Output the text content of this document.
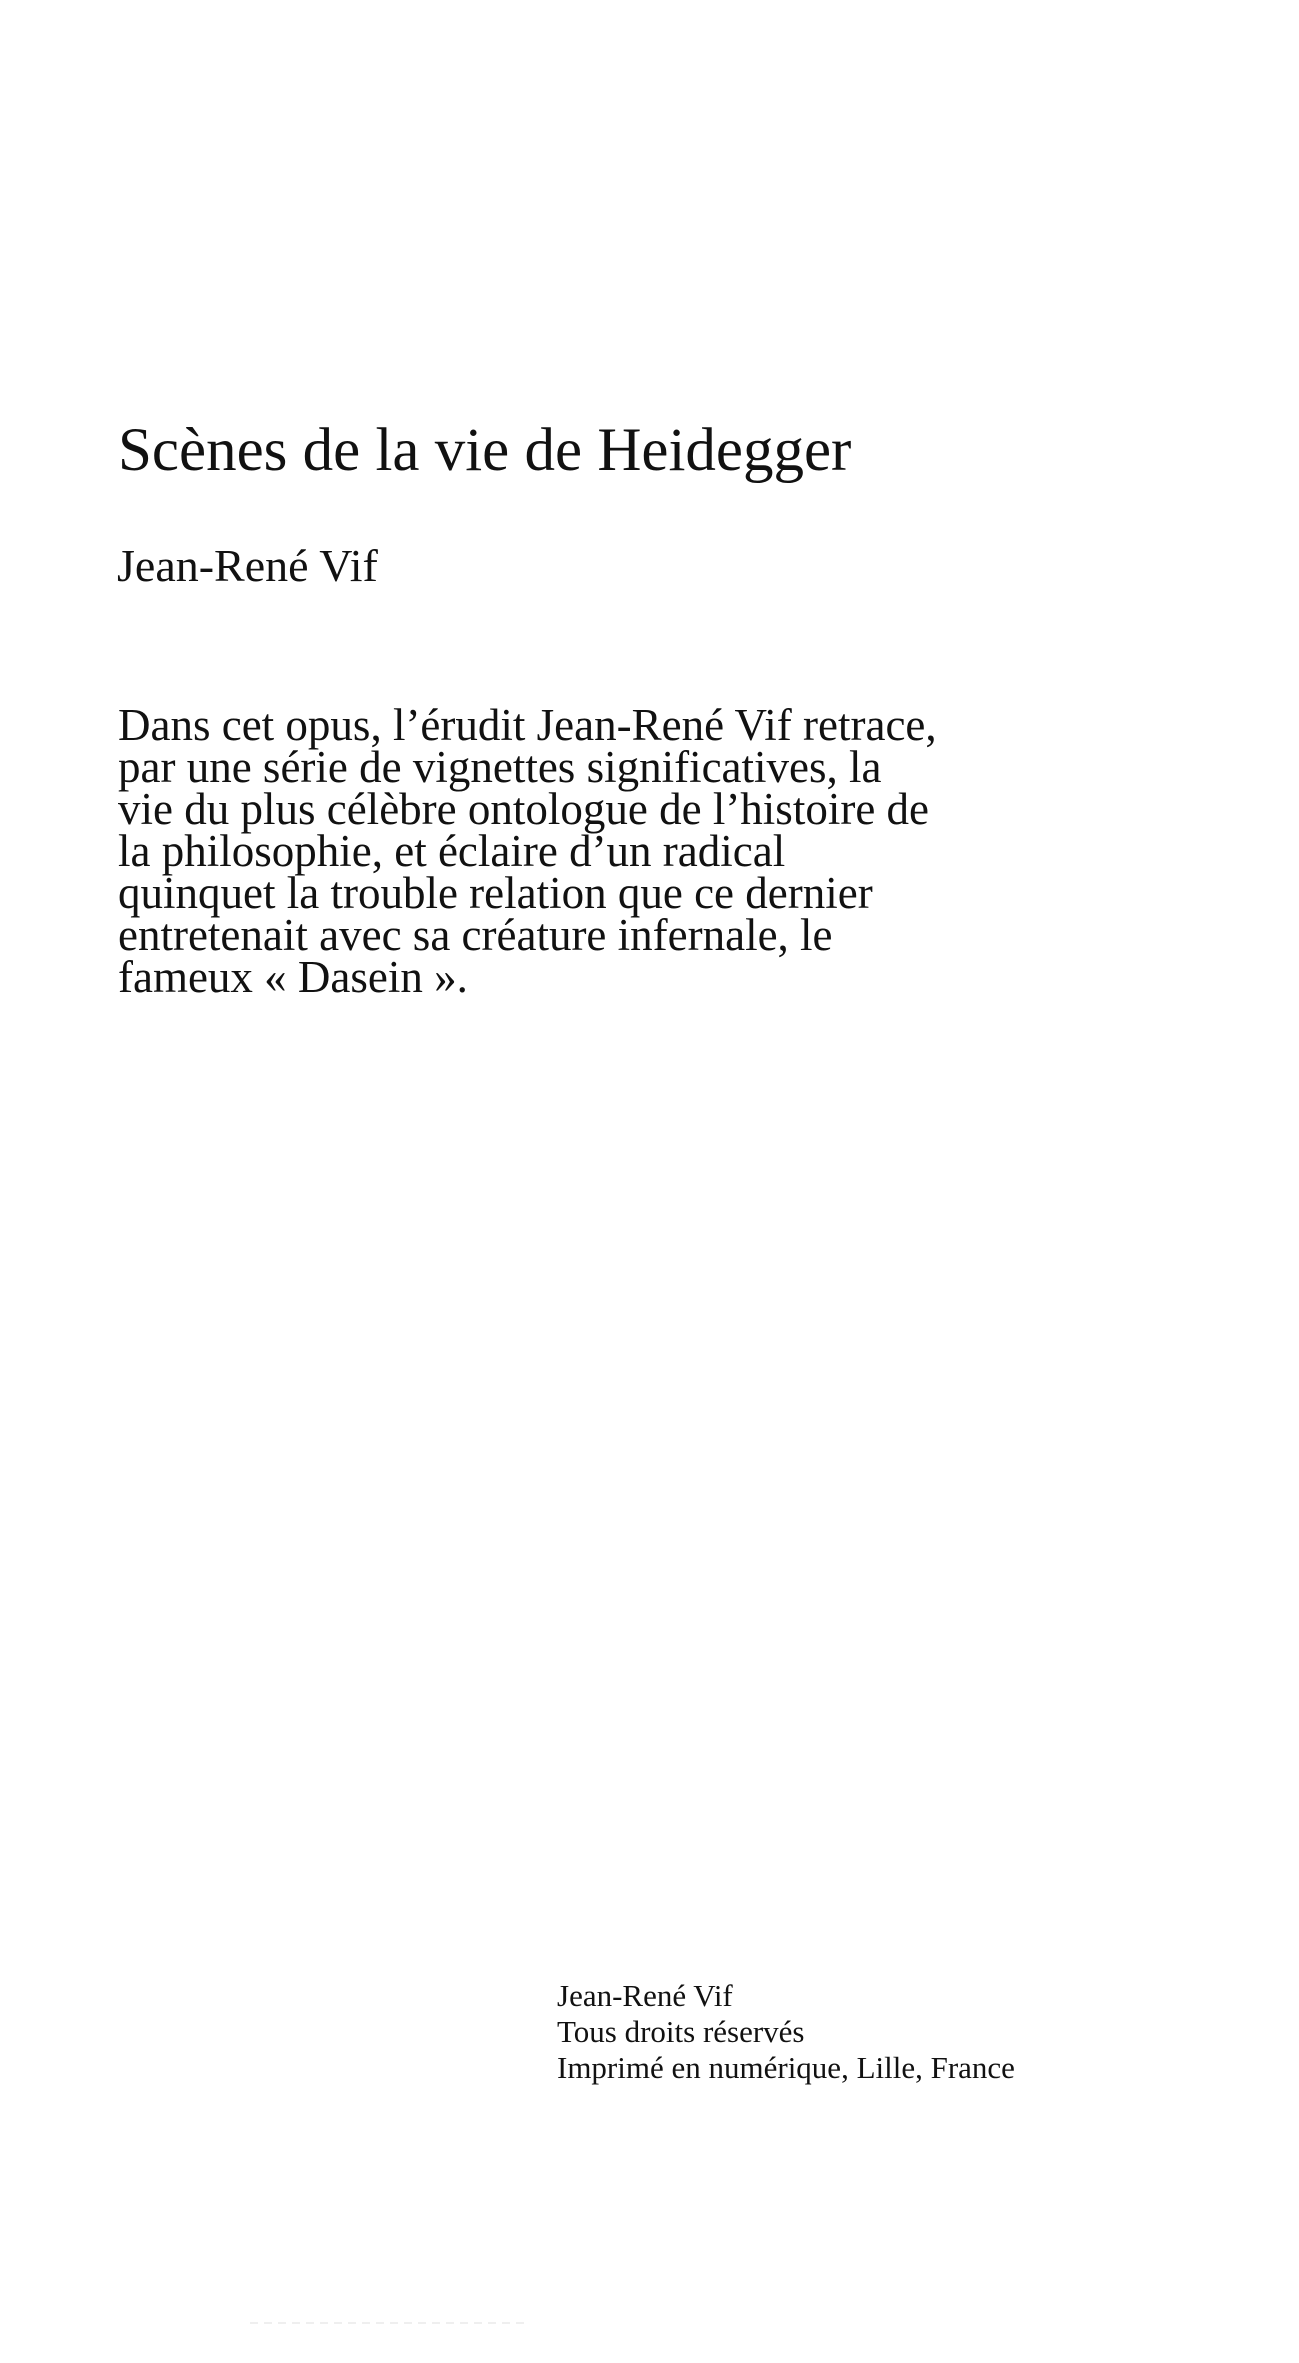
Scènes de la vie de Heidegger
Jean-René Vif

Dans cet opus, l’érudit Jean-René Vif retrace, par une série de vignettes significatives, la vie du plus célèbre ontologue de l’histoire de la philosophie, et éclaire d’un radical quinquet la trouble relation que ce dernier entretenait avec sa créature infernale, le fameux « Dasein ».

Jean-René Vif
Tous droits réservés
Imprimé en numérique, Lille, France
